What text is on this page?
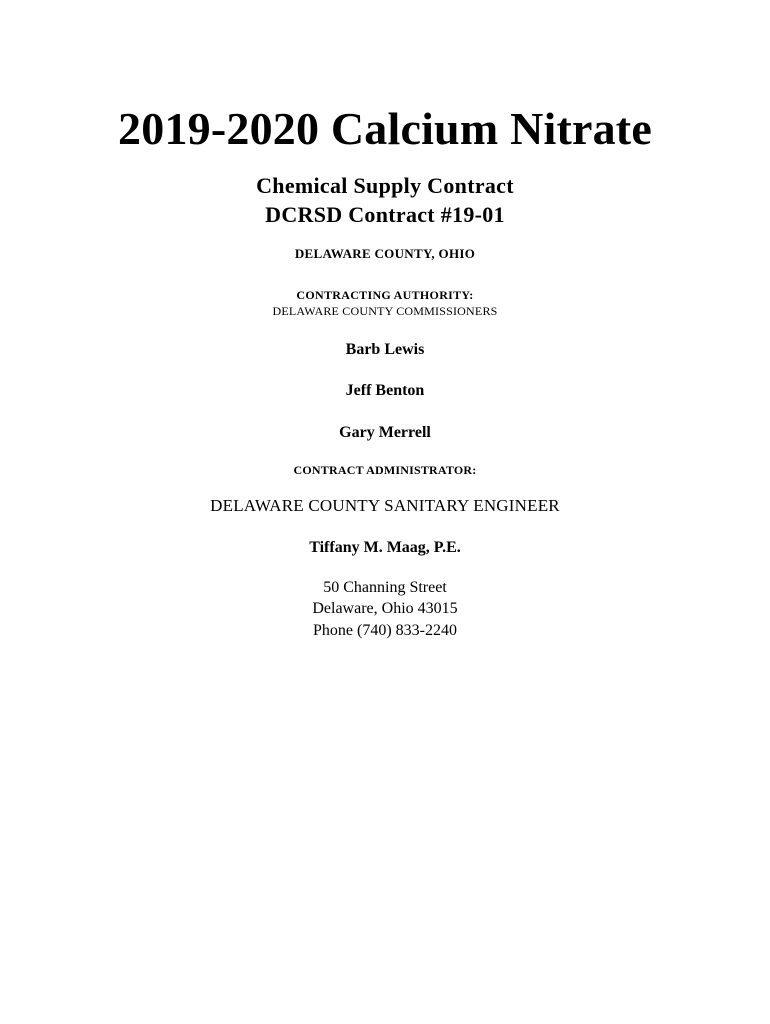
2019-2020 Calcium Nitrate
Chemical Supply Contract
DCRSD Contract #19-01
DELAWARE COUNTY, OHIO
CONTRACTING AUTHORITY:
DELAWARE COUNTY COMMISSIONERS
Barb Lewis
Jeff Benton
Gary Merrell
CONTRACT ADMINISTRATOR:
DELAWARE COUNTY SANITARY ENGINEER
Tiffany M. Maag, P.E.
50 Channing Street
Delaware, Ohio 43015
Phone (740) 833-2240
